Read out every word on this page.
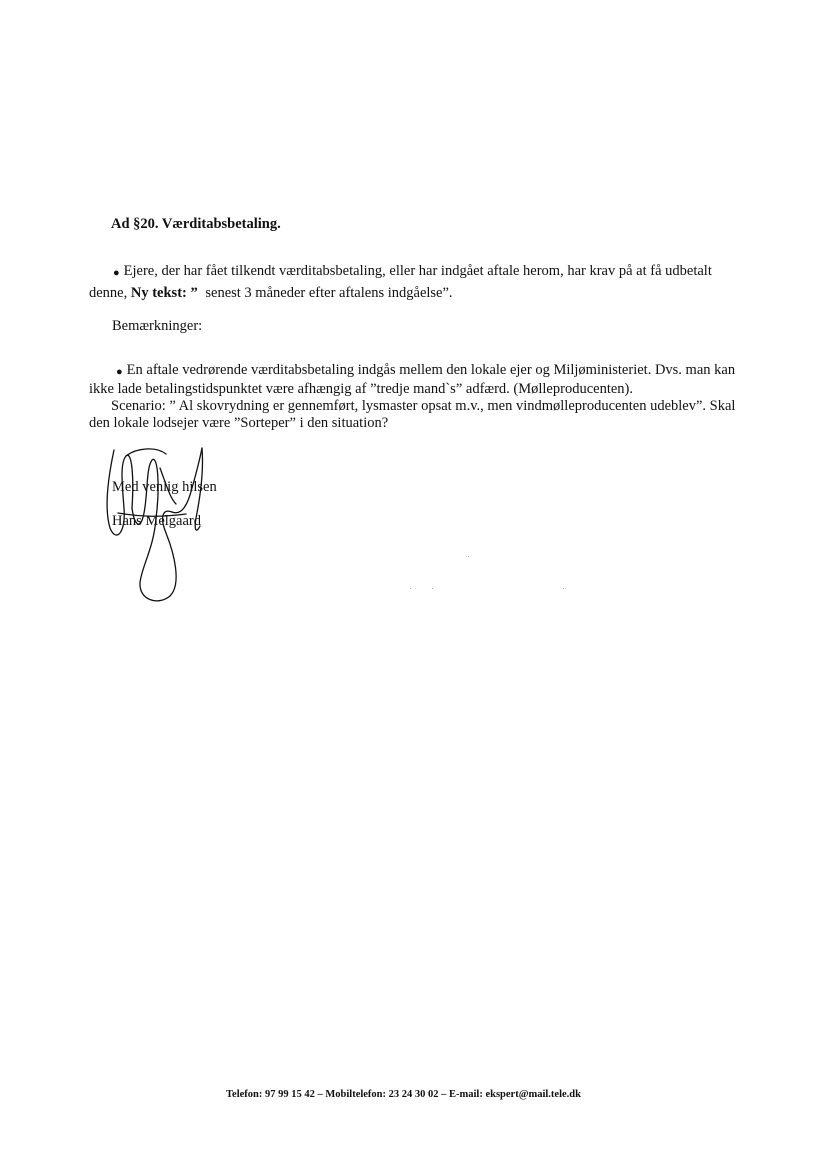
Ad §20. Værditabsbetaling.
● Ejere, der har fået tilkendt værditabsbetaling, eller har indgået aftale herom, har krav på at få udbetalt
denne, Ny tekst: ” senest 3 måneder efter aftalens indgåelse”.
Bemærkninger:
● En aftale vedrørende værditabsbetaling indgås mellem den lokale ejer og Miljøministeriet. Dvs. man kan
ikke lade betalingstidspunktet være afhængig af ”tredje mand`s” adfærd. (Mølleproducenten).
Scenario: ” Al skovrydning er gennemført, lysmaster opsat m.v., men vindmølleproducenten udeblev”. Skal
den lokale lodsejer være ”Sorteper” i den situation?
Med venlig hilsen
Hans Melgaard
Telefon: 97 99 15 42 – Mobiltelefon: 23 24 30 02 – E-mail: ekspert@mail.tele.dk
